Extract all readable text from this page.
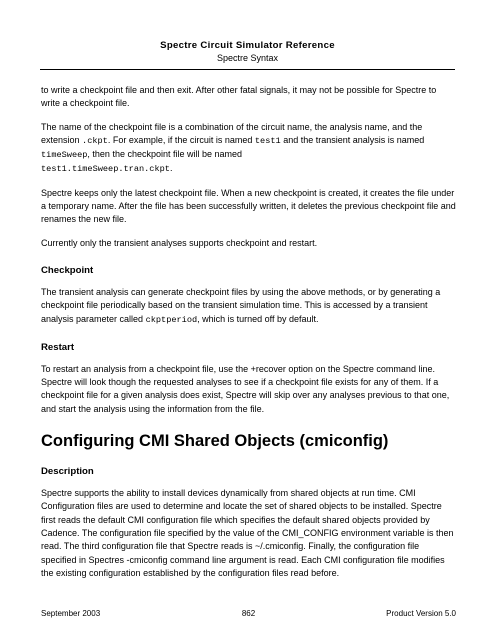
Spectre Circuit Simulator Reference
Spectre Syntax

to write a checkpoint file and then exit. After other fatal signals, it may not be possible for Spectre to write a checkpoint file.

The name of the checkpoint file is a combination of the circuit name, the analysis name, and the extension .ckpt. For example, if the circuit is named test1 and the transient analysis is named timeSweep, then the checkpoint file will be named
test1.timeSweep.tran.ckpt.

Spectre keeps only the latest checkpoint file. When a new checkpoint is created, it creates the file under a temporary name. After the file has been successfully written, it deletes the previous checkpoint file and renames the new file.

Currently only the transient analyses supports checkpoint and restart.

Checkpoint

The transient analysis can generate checkpoint files by using the above methods, or by generating a checkpoint file periodically based on the transient simulation time. This is accessed by a transient analysis parameter called ckptperiod, which is turned off by default.

Restart

To restart an analysis from a checkpoint file, use the +recover option on the Spectre command line. Spectre will look though the requested analyses to see if a checkpoint file exists for any of them. If a checkpoint file for a given analysis does exist, Spectre will skip over any analyses previous to that one, and start the analysis using the information from the file.

Configuring CMI Shared Objects (cmiconfig)
Description

Spectre supports the ability to install devices dynamically from shared objects at run time. CMI Configuration files are used to determine and locate the set of shared objects to be installed. Spectre first reads the default CMI configuration file which specifies the default shared objects provided by Cadence. The configuration file specified by the value of the CMI_CONFIG environment variable is then read. The third configuration file that Spectre reads is ~/.cmiconfig. Finally, the configuration file specified in Spectres -cmiconfig command line argument is read. Each CMI configuration file modifies the existing configuration established by the configuration files read before.

September 2003	862	Product Version 5.0
